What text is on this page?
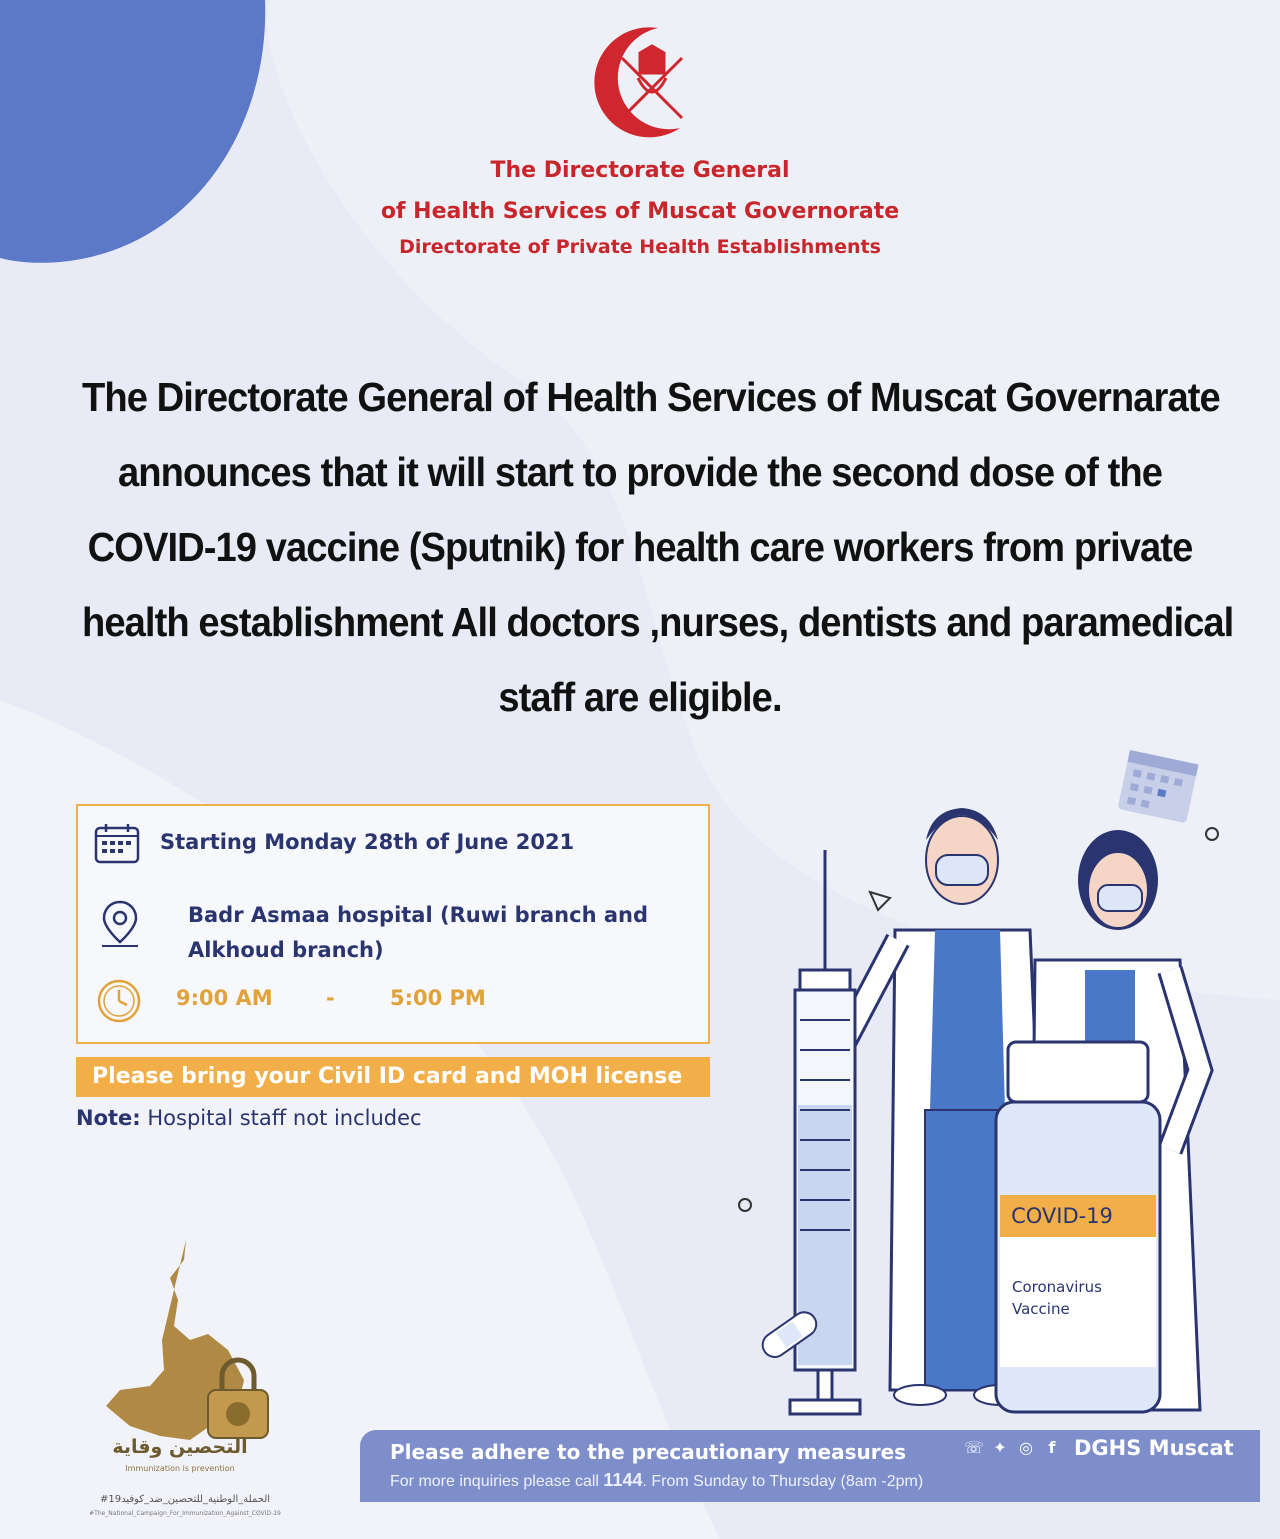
The Directorate General
of Health Services of Muscat Governorate
Directorate of Private Health Establishments
The Directorate General of Health Services of Muscat Governarate
announces that it will start to provide the second dose of the
COVID-19 vaccine (Sputnik) for health care workers from private
health establishment All doctors ,nurses, dentists and paramedical
staff are eligible.
Starting Monday 28th of June 2021
Badr Asmaa hospital (Ruwi branch and Alkhoud branch)
9:00 AM	-	5:00 PM
Please bring your Civil ID card and MOH license
Note: Hospital staff not includec
COVID-19
Coronavirus
Vaccine
التحصين وقاية
Immunization is prevention
#الحملة_الوطنية_للتحصين_ضد_كوفيد19
#The_National_Campaign_For_Immunization_Against_COVID-19
Please adhere to the precautionary measures
For more inquiries please call 1144. From Sunday to Thursday (8am -2pm)
☏ ✦ ◎ f DGHS Muscat
